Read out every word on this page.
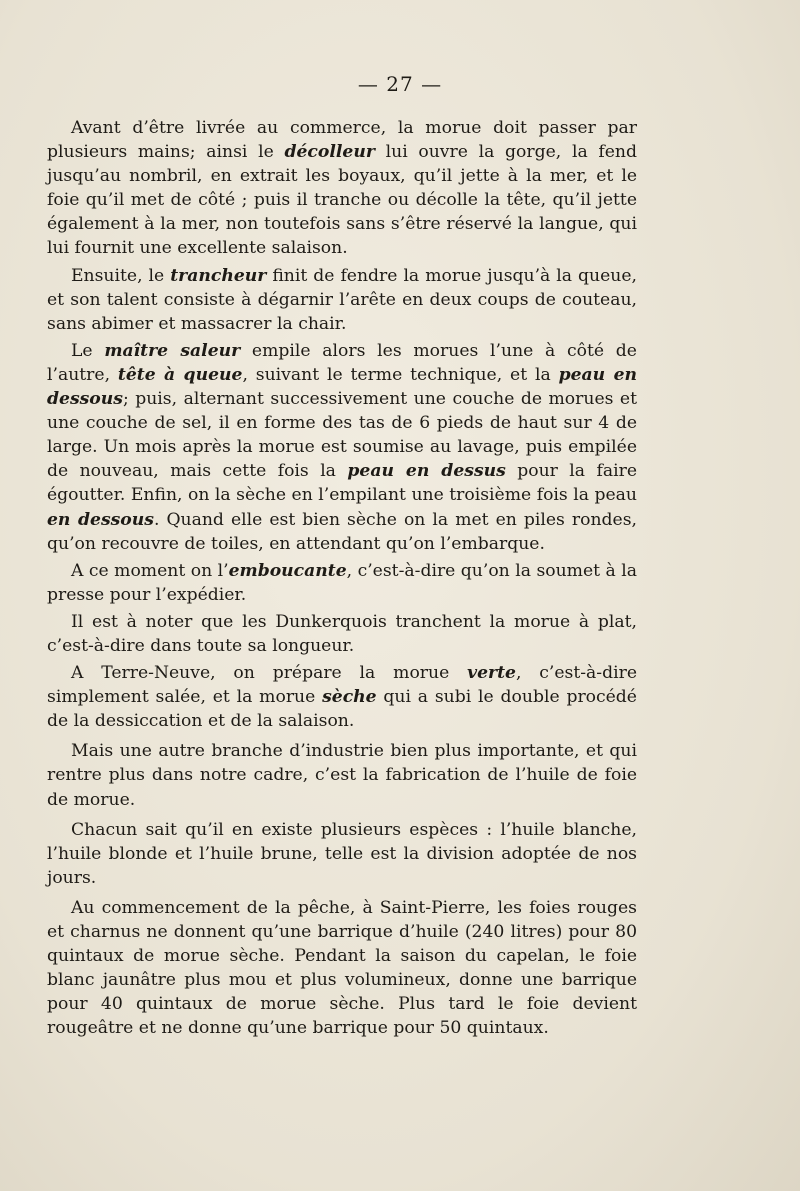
— 27 —

Avant d’être livrée au commerce, la morue doit passer par plusieurs mains; ainsi le décolleur lui ouvre la gorge, la fend jusqu’au nombril, en extrait les boyaux, qu’il jette à la mer, et le foie qu’il met de côté ; puis il tranche ou décolle la tête, qu’il jette également à la mer, non toutefois sans s’être réservé la langue, qui lui fournit une excellente salaison.

Ensuite, le trancheur finit de fendre la morue jusqu’à la queue, et son talent consiste à dégarnir l’arête en deux coups de couteau, sans abimer et massacrer la chair.

Le maître saleur empile alors les morues l’une à côté de l’autre, tête à queue, suivant le terme technique, et la peau en dessous; puis, alternant successivement une couche de morues et une couche de sel, il en forme des tas de 6 pieds de haut sur 4 de large. Un mois après la morue est soumise au lavage, puis empilée de nouveau, mais cette fois la peau en dessus pour la faire égoutter. Enfin, on la sèche en l’empilant une troisième fois la peau en dessous. Quand elle est bien sèche on la met en piles rondes, qu’on recouvre de toiles, en attendant qu’on l’embarque.

A ce moment on l’emboucante, c’est-à-dire qu’on la soumet à la presse pour l’expédier.

Il est à noter que les Dunkerquois tranchent la morue à plat, c’est-à-dire dans toute sa longueur.

A Terre-Neuve, on prépare la morue verte, c’est-à-dire simplement salée, et la morue sèche qui a subi le double procédé de la dessiccation et de la salaison.

Mais une autre branche d’industrie bien plus importante, et qui rentre plus dans notre cadre, c’est la fabrication de l’huile de foie de morue.

Chacun sait qu’il en existe plusieurs espèces : l’huile blanche, l’huile blonde et l’huile brune, telle est la division adoptée de nos jours.

Au commencement de la pêche, à Saint-Pierre, les foies rouges et charnus ne donnent qu’une barrique d’huile (240 litres) pour 80 quintaux de morue sèche. Pendant la saison du capelan, le foie blanc jaunâtre plus mou et plus volumineux, donne une barrique pour 40 quintaux de morue sèche. Plus tard le foie devient rougeâtre et ne donne qu’une barrique pour 50 quintaux.
